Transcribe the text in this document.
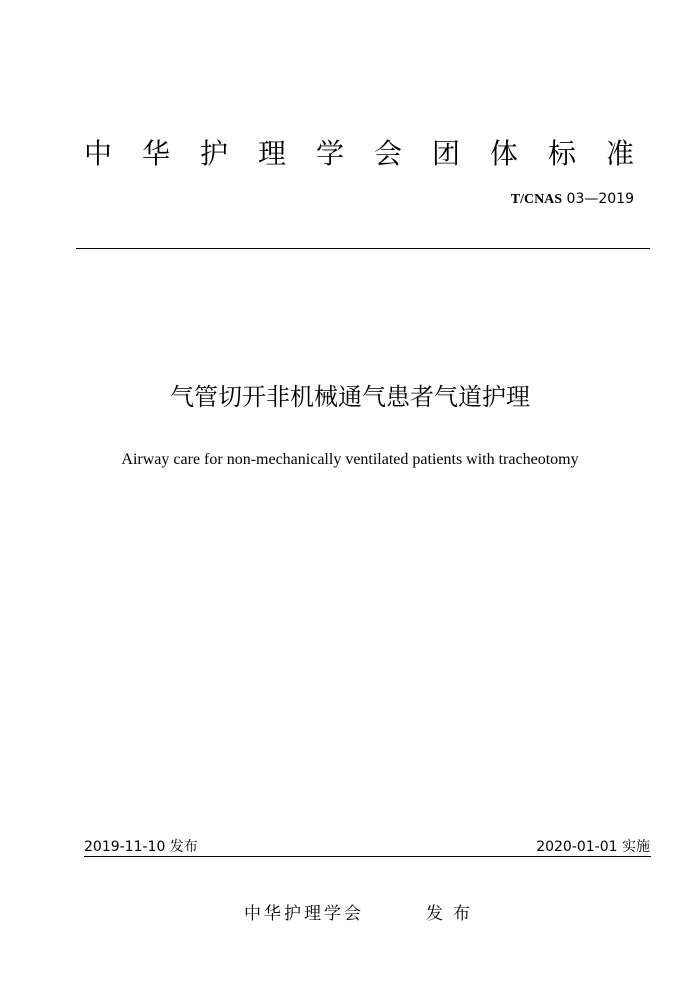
中华护理学会团体标准
T/CNAS 03—2019
气管切开非机械通气患者气道护理
Airway care for non-mechanically ventilated patients with tracheotomy
2019-11-10 发布	2020-01-01 实施
中华护理学会	发布
